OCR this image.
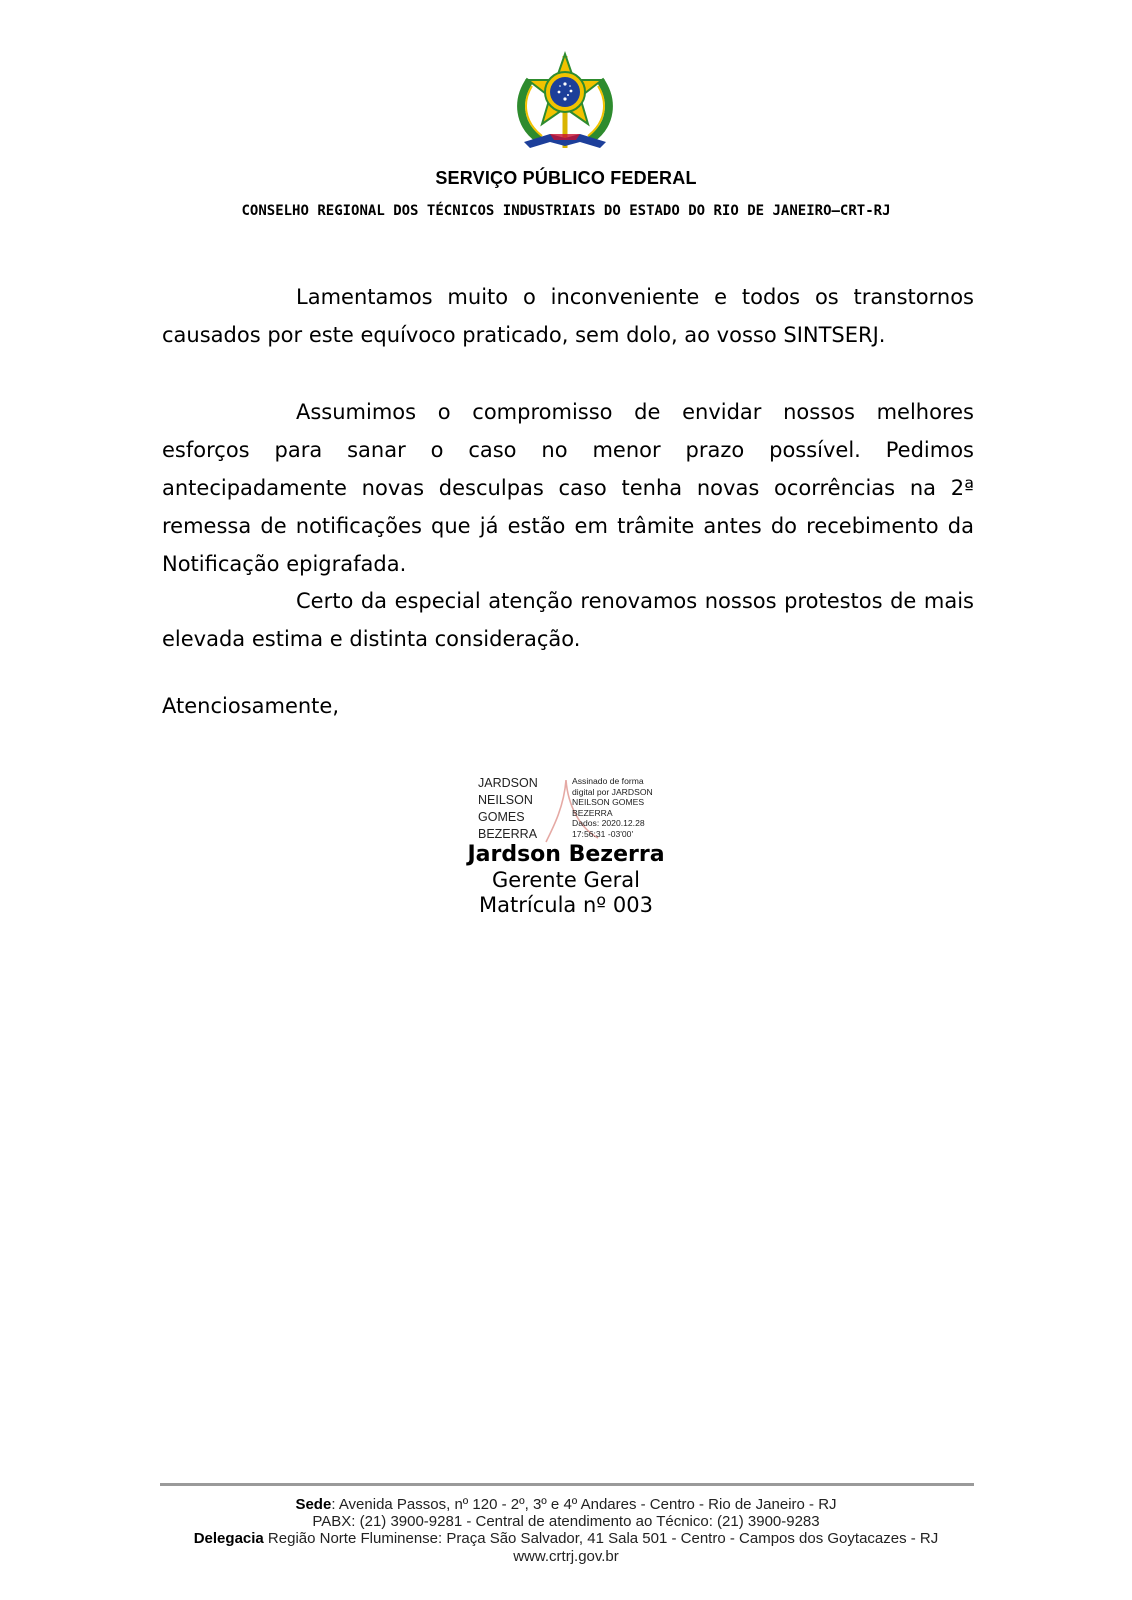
SERVIÇO PÚBLICO FEDERAL
CONSELHO REGIONAL DOS TÉCNICOS INDUSTRIAIS DO ESTADO DO RIO DE JANEIRO–CRT-RJ

Lamentamos muito o inconveniente e todos os transtornos causados por este equívoco praticado, sem dolo, ao vosso SINTSERJ.

Assumimos o compromisso de envidar nossos melhores esforços para sanar o caso no menor prazo possível. Pedimos antecipadamente novas desculpas caso tenha novas ocorrências na 2ª remessa de notificações que já estão em trâmite antes do recebimento da Notificação epigrafada.

Certo da especial atenção renovamos nossos protestos de mais elevada estima e distinta consideração.

Atenciosamente,
JARDSON
NEILSON
GOMES
BEZERRA
Assinado de forma
digital por JARDSON
NEILSON GOMES
BEZERRA
Dados: 2020.12.28
17:56:31 -03'00'
Jardson Bezerra
Gerente Geral
Matrícula nº 003
Sede: Avenida Passos, nº 120 - 2º, 3º e 4º Andares - Centro - Rio de Janeiro - RJ
PABX: (21) 3900-9281 - Central de atendimento ao Técnico: (21) 3900-9283
Delegacia Região Norte Fluminense: Praça São Salvador, 41 Sala 501 - Centro - Campos dos Goytacazes - RJ
www.crtrj.gov.br
